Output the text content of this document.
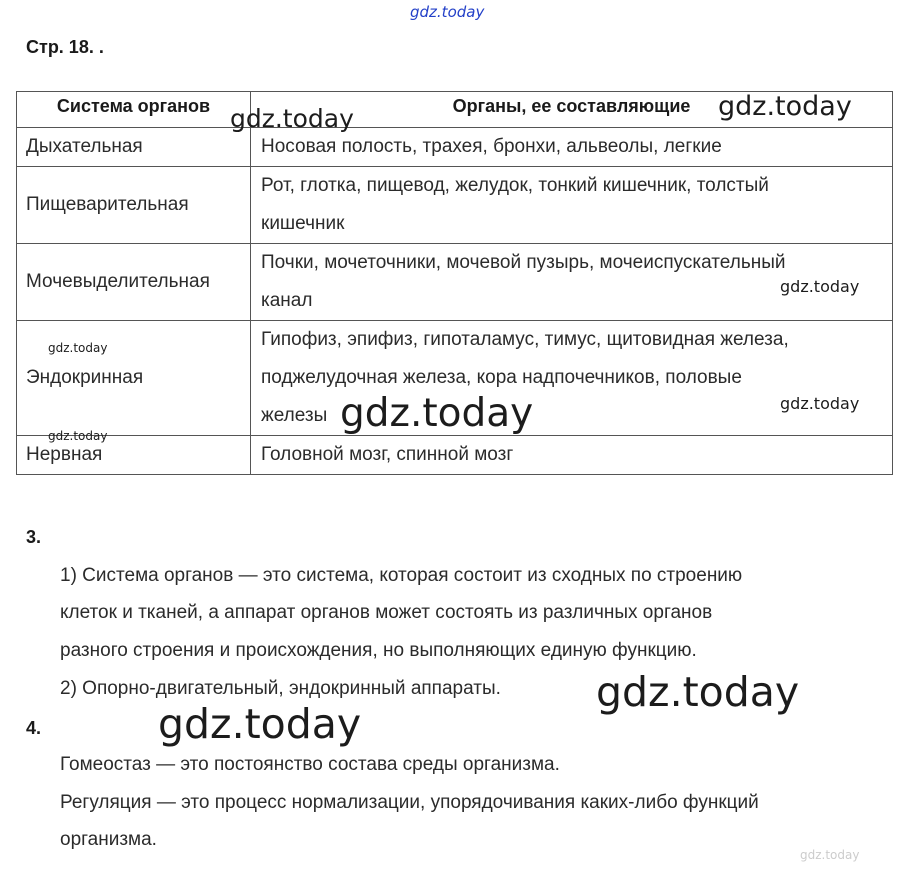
gdz.today
Стр. 18. .
Система органов	Органы, ее составляющие
Дыхательная	Носовая полость, трахея, бронхи, альвеолы, легкие
Пищеварительная	Рот, глотка, пищевод, желудок, тонкий кишечник, толстый
кишечник

Мочевыделительная	Почки, мочеточники, мочевой пузырь, мочеиспускательный
канал

Эндокринная	Гипофиз, эпифиз, гипоталамус, тимус, щитовидная железа,
поджелудочная железа, кора надпочечников, половые
железы

Нервная	Головной мозг, спинной мозг
gdz.today	gdz.today
gdz.today
gdz.today
gdz.today	gdz.today
gdz.today
3.
1) Система органов — это система, которая состоит из сходных по строению
клеток и тканей, а аппарат органов может состоять из различных органов
разного строения и происхождения, но выполняющих единую функцию.
2) Опорно-двигательный, эндокринный аппараты. gdz.today
gdz.today
4.
Гомеостаз — это постоянство состава среды организма.
Регуляция — это процесс нормализации, упорядочивания каких-либо функций
организма.
gdz.today
